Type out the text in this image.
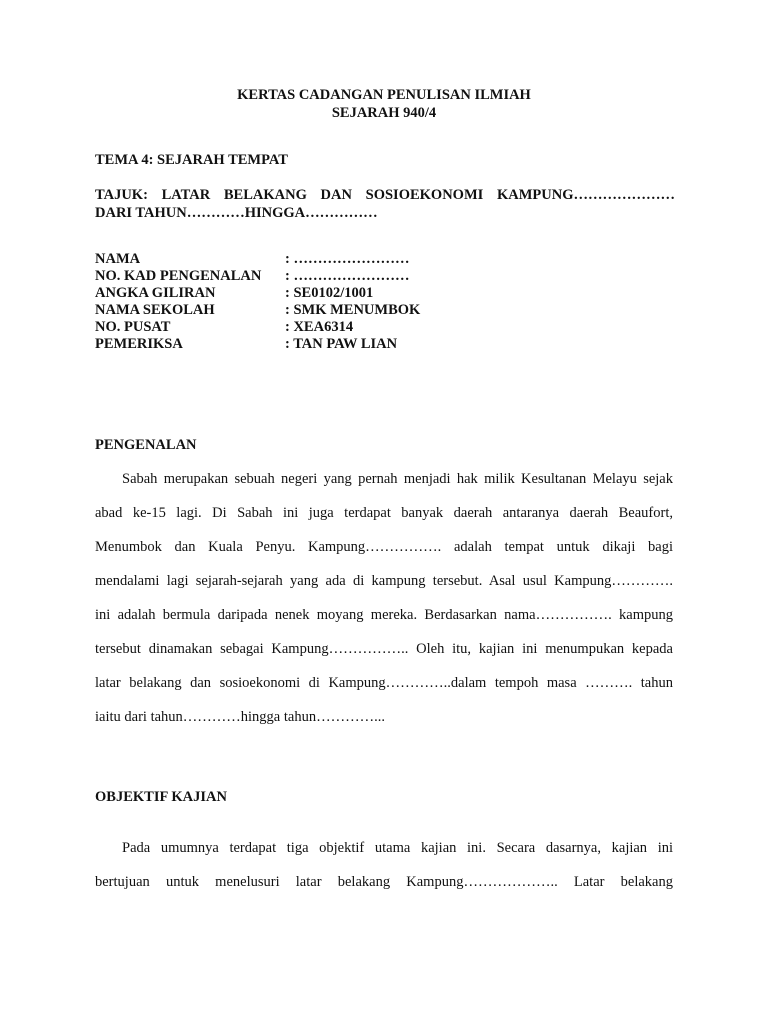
KERTAS CADANGAN PENULISAN ILMIAH
SEJARAH 940/4
TEMA 4: SEJARAH TEMPAT
TAJUK: LATAR BELAKANG DAN SOSIOEKONOMI KAMPUNG…………………
DARI TAHUN…………HINGGA……………
NAMA	: ……………………
NO. KAD PENGENALAN	: ……………………
ANGKA GILIRAN	: SE0102/1001
NAMA SEKOLAH	: SMK MENUMBOK
NO. PUSAT	: XEA6314
PEMERIKSA	: TAN PAW LIAN
PENGENALAN
Sabah merupakan sebuah negeri yang pernah menjadi hak milik Kesultanan Melayu sejak
abad ke-15 lagi. Di Sabah ini juga terdapat banyak daerah antaranya daerah Beaufort,
Menumbok dan Kuala Penyu. Kampung……………. adalah tempat untuk dikaji bagi
mendalami lagi sejarah-sejarah yang ada di kampung tersebut. Asal usul Kampung………….
ini adalah bermula daripada nenek moyang mereka. Berdasarkan nama……………. kampung
tersebut dinamakan sebagai Kampung…………….. Oleh itu, kajian ini menumpukan kepada
latar belakang dan sosioekonomi di Kampung…………..dalam tempoh masa ………. tahun
iaitu dari tahun…………hingga tahun…………...
OBJEKTIF KAJIAN
Pada umumnya terdapat tiga objektif utama kajian ini. Secara dasarnya, kajian ini
bertujuan untuk menelusuri latar belakang Kampung……………….. Latar belakang
